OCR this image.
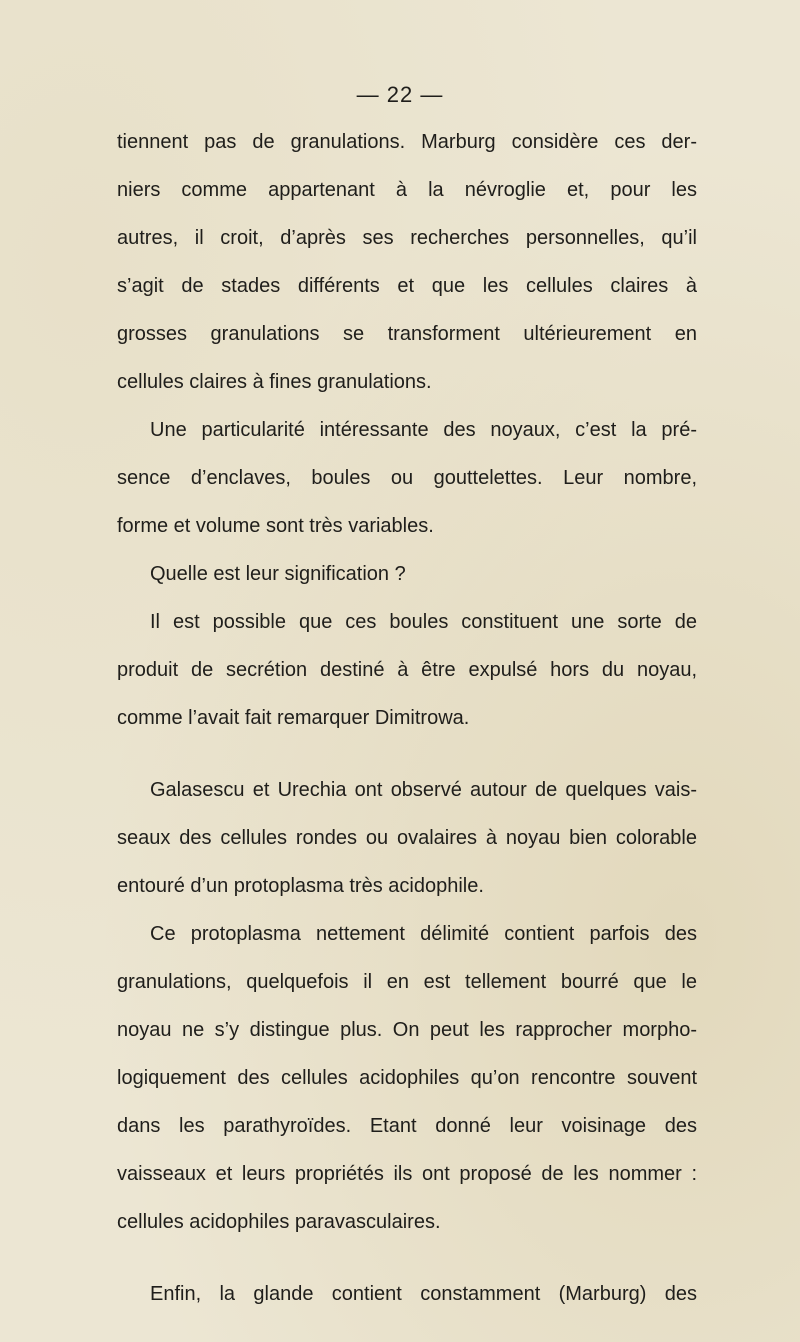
— 22 —
tiennent pas de granulations. Marburg considère ces der-
niers comme appartenant à la névroglie et, pour les
autres, il croit, d’après ses recherches personnelles, qu’il
s’agit de stades différents et que les cellules claires à
grosses granulations se transforment ultérieurement en
cellules claires à fines granulations.
Une particularité intéressante des noyaux, c’est la pré-
sence d’enclaves, boules ou gouttelettes. Leur nombre,
forme et volume sont très variables.
Quelle est leur signification ?
Il est possible que ces boules constituent une sorte de
produit de secrétion destiné à être expulsé hors du noyau,
comme l’avait fait remarquer Dimitrowa.
Galasescu et Urechia ont observé autour de quelques vais-
seaux des cellules rondes ou ovalaires à noyau bien colorable
entouré d’un protoplasma très acidophile.
Ce protoplasma nettement délimité contient parfois des
granulations, quelquefois il en est tellement bourré que le
noyau ne s’y distingue plus. On peut les rapprocher morpho-
logiquement des cellules acidophiles qu’on rencontre souvent
dans les parathyroïdes. Etant donné leur voisinage des
vaisseaux et leurs propriétés ils ont proposé de les nommer :
cellules acidophiles paravasculaires.
Enfin, la glande contient constamment (Marburg) des
